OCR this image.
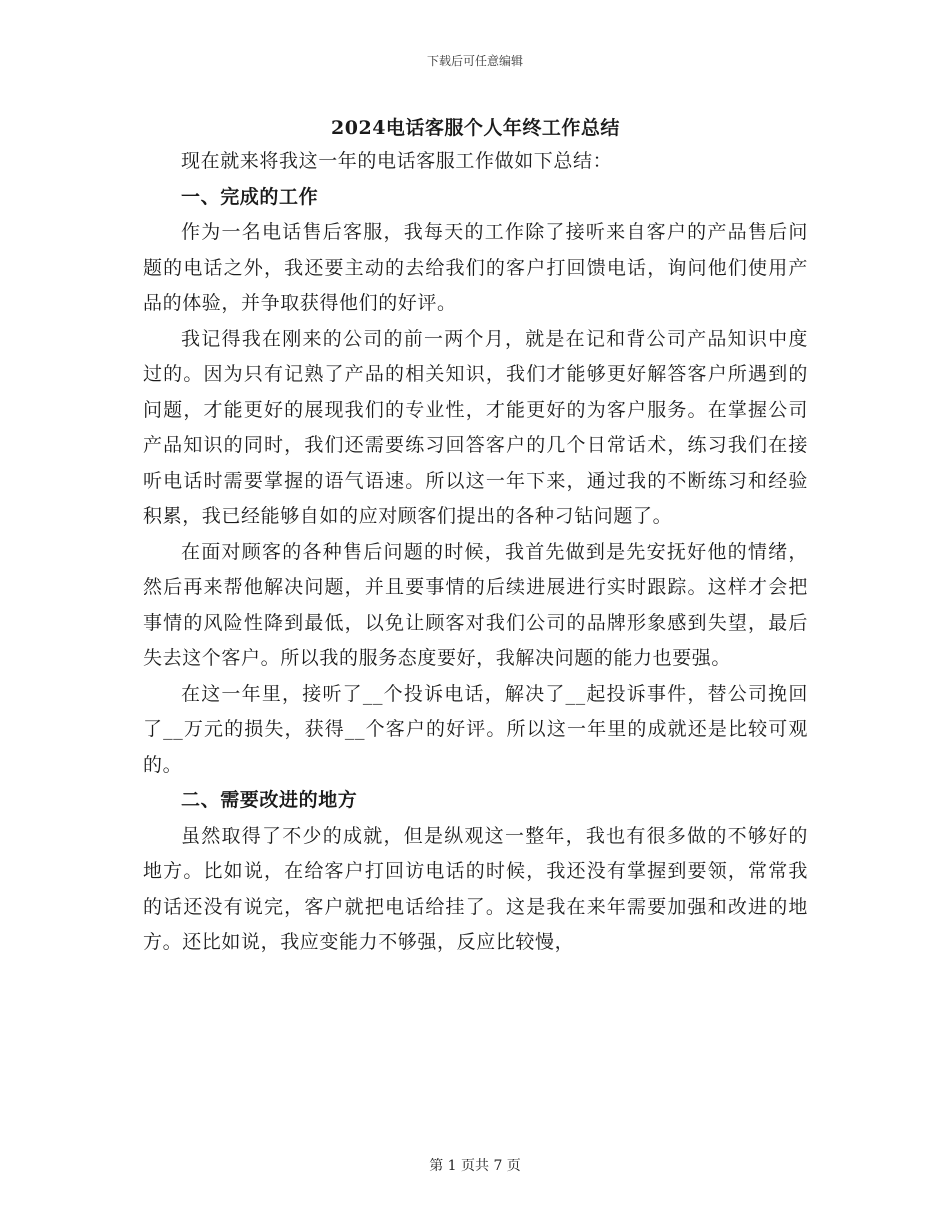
下载后可任意编辑
2024电话客服个人年终工作总结

现在就来将我这一年的电话客服工作做如下总结：

一、完成的工作

作为一名电话售后客服，我每天的工作除了接听来自客户的产品售后问题的电话之外，我还要主动的去给我们的客户打回馈电话，询问他们使用产品的体验，并争取获得他们的好评。

我记得我在刚来的公司的前一两个月，就是在记和背公司产品知识中度过的。因为只有记熟了产品的相关知识，我们才能够更好解答客户所遇到的问题，才能更好的展现我们的专业性，才能更好的为客户服务。在掌握公司产品知识的同时，我们还需要练习回答客户的几个日常话术，练习我们在接听电话时需要掌握的语气语速。所以这一年下来，通过我的不断练习和经验积累，我已经能够自如的应对顾客们提出的各种刁钻问题了。

在面对顾客的各种售后问题的时候，我首先做到是先安抚好他的情绪，然后再来帮他解决问题，并且要事情的后续进展进行实时跟踪。这样才会把事情的风险性降到最低，以免让顾客对我们公司的品牌形象感到失望，最后失去这个客户。所以我的服务态度要好，我解决问题的能力也要强。

在这一年里，接听了__个投诉电话，解决了__起投诉事件，替公司挽回了__万元的损失，获得__个客户的好评。所以这一年里的成就还是比较可观的。

二、需要改进的地方

虽然取得了不少的成就，但是纵观这一整年，我也有很多做的不够好的地方。比如说，在给客户打回访电话的时候，我还没有掌握到要领，常常我的话还没有说完，客户就把电话给挂了。这是我在来年需要加强和改进的地方。还比如说，我应变能力不够强，反应比较慢，

第 1 页共 7 页
